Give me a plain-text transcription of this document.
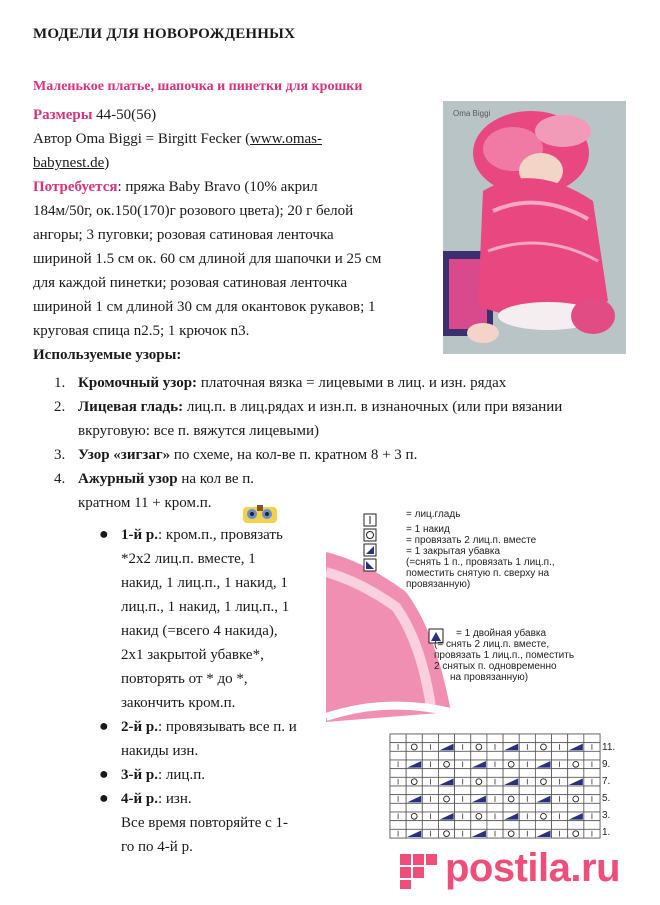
МОДЕЛИ ДЛЯ НОВОРОЖДЕННЫХ
Маленькое платье, шапочка и пинетки для крошки

Размеры 44-50(56)

Автор Oma Biggi = Birgitt Fecker (www.omas-

babynest.de)

Потребуется: пряжа Baby Bravo (10% акрил

184м/50г, ок.150(170)г розового цвета); 20 г белой

ангоры; 3 пуговки; розовая сатиновая ленточка

шириной 1.5 см ок. 60 см длиной для шапочки и 25 см

для каждой пинетки; розовая сатиновая ленточка

шириной 1 см длиной 30 см для окантовок рукавов; 1

круговая спица n2.5; 1 крючок n3.

Oma Biggi
Используемые узоры:
1. Кромочный узор: платочная вязка = лицевыми в лиц. и изн. рядах
2. Лицевая гладь: лиц.п. в лиц.рядах и изн.п. в изнаночных (или при вязании
вкруговую: все п. вяжутся лицевыми)
3. Узор «зигзаг» по схеме, на кол-ве п. кратном 8 + 3 п.
4. Ажурный узор на кол ве п.
кратном 11 + кром.п.
● 1-й р.: кром.п., провязать
*2х2 лиц.п. вместе, 1
накид, 1 лиц.п., 1 накид, 1
лиц.п., 1 накид, 1 лиц.п., 1
накид (=всего 4 накида),
2х1 закрытой убавке*,
повторять от * до *,
закончить кром.п.
● 2-й р.: провязывать все п. и
накиды изн.
● 3-й р.: лиц.п.
● 4-й р.: изн.
Все время повторяйте с 1-
го по 4-й р.
= лиц.гладь
= 1 накид
= провязать 2 лиц.п. вместе
= 1 закрытая убавка
(=снять 1 п., провязать 1 лиц.п.,
поместить снятую п. сверху на
провязанную)
= 1 двойная убавка
(= снять 2 лиц.п. вместе,
провязать 1 лиц.п., поместить
2 снятых п. одновременно
на провязанную)
11.
9.
7.
5.
3.
1.
postila.ru
